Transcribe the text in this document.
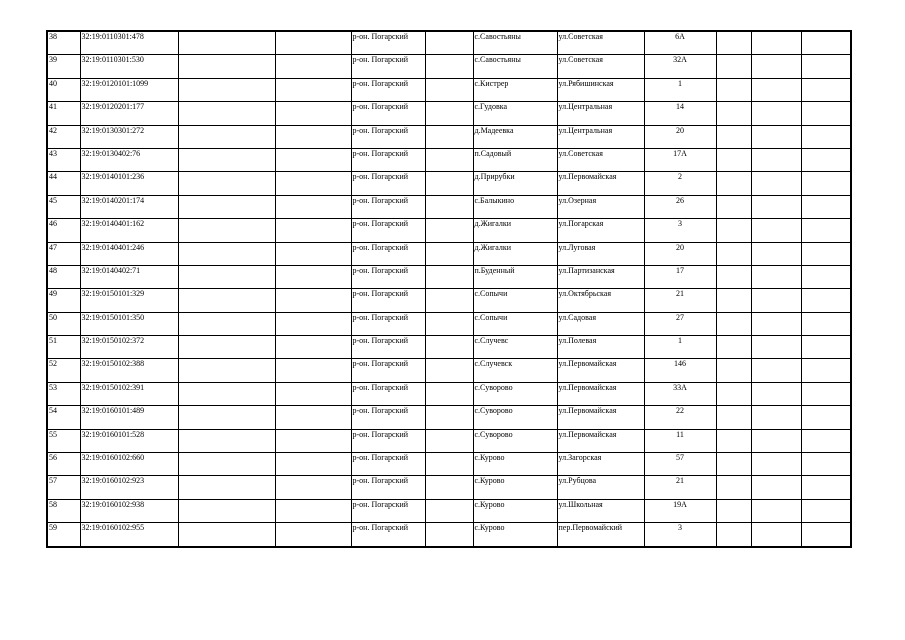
38	32:19:0110301:478			р-он. Погарский		с.Савостьяны	ул.Советская	6А			
39	32:19:0110301:530			р-он. Погарский		с.Савостьяны	ул.Советская	32А			
40	32:19:0120101:1099			р-он. Погарский		с.Кистрер	ул.Рябишинская	1			
41	32:19:0120201:177			р-он. Погарский		с.Гудовка	ул.Центральная	14			
42	32:19:0130301:272			р-он. Погарский		д.Мадеевка	ул.Центральная	20			
43	32:19:0130402:76			р-он. Погарский		п.Садовый	ул.Советская	17А			
44	32:19:0140101:236			р-он. Погарский		д.Прирубки	ул.Первомайская	2			
45	32:19:0140201:174			р-он. Погарский		с.Балыкино	ул.Озерная	26			
46	32:19:0140401:162			р-он. Погарский		д.Жигалки	ул.Погарская	3			
47	32:19:0140401:246			р-он. Погарский		д.Жигалки	ул.Луговая	20			
48	32:19:0140402:71			р-он. Погарский		п.Буденный	ул.Партизанская	17			
49	32:19:0150101:329			р-он. Погарский		с.Сопычи	ул.Октябрьская	21			
50	32:19:0150101:350			р-он. Погарский		с.Сопычи	ул.Садовая	27			
51	32:19:0150102:372			р-он. Погарский		с.Случевс	ул.Полевая	1			
52	32:19:0150102:388			р-он. Погарский		с.Случевск	ул.Первомайская	146			
53	32:19:0150102:391			р-он. Погарский		с.Суворово	ул.Первомайская	33А			
54	32:19:0160101:489			р-он. Погарский		с.Суворово	ул.Первомайская	22			
55	32:19:0160101:528			р-он. Погарский		с.Суворово	ул.Первомайская	11			
56	32:19:0160102:660			р-он. Погарский		с.Курово	ул.Загорская	57			
57	32:19:0160102:923			р-он. Погарский		с.Курово	ул.Рубцова	21			
58	32:19:0160102:938			р-он. Погарский		с.Курово	ул.Школьная	19А			
59	32:19:0160102:955			р-он. Погарский		с.Курово	пер.Первомайский	3			
